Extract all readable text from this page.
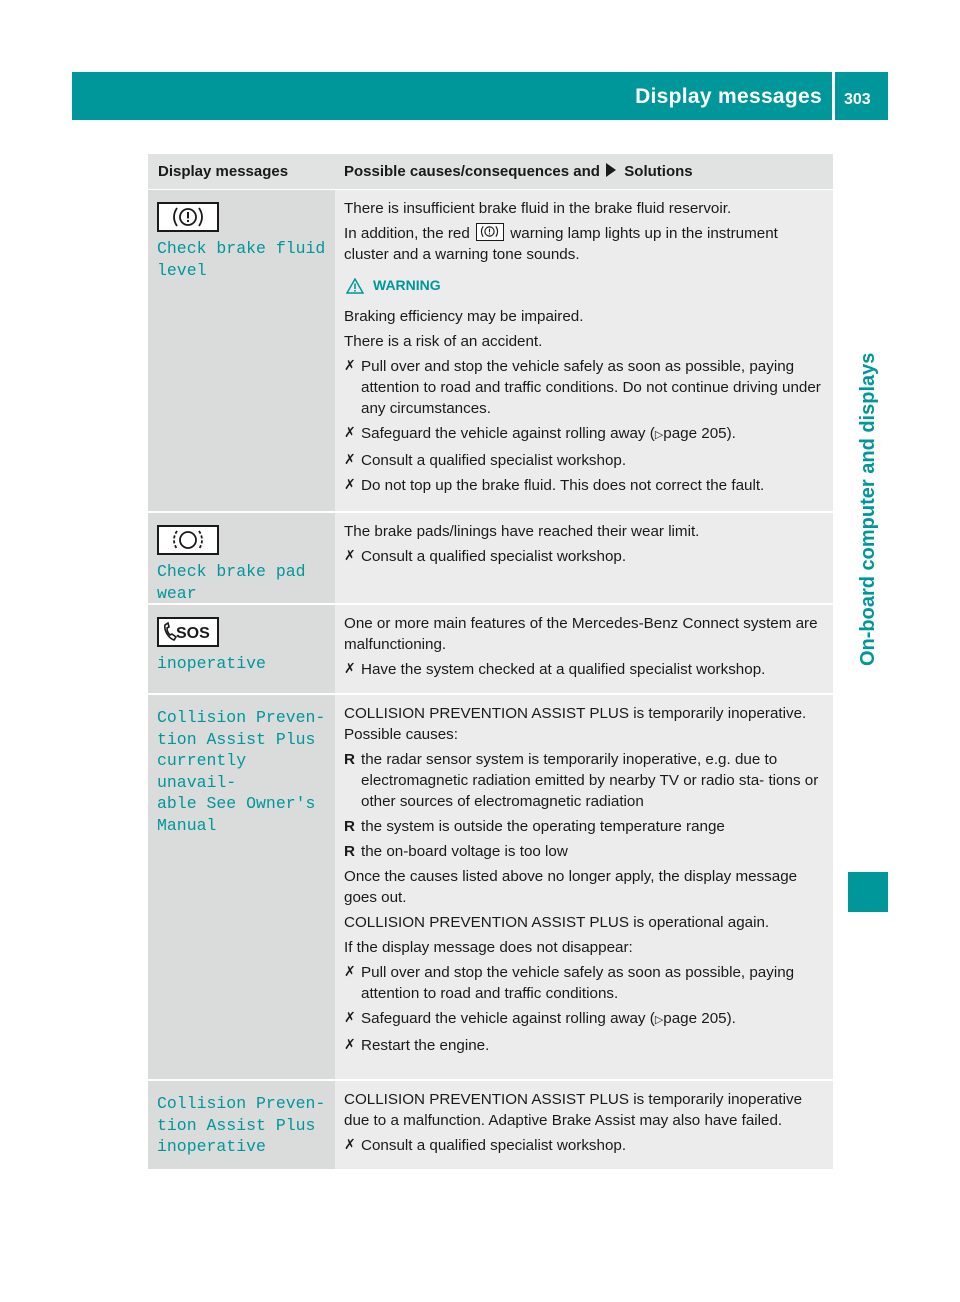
Display messages 303
On-board computer and displays
Display messages	Possible causes/consequences and Solutions
Check brake fluid
level

There is insufficient brake fluid in the brake fluid reservoir.

In addition, the red	warning lamp lights up in the instrument cluster and a warning tone sounds.

WARNING

Braking efficiency may be impaired.

There is a risk of an accident.

✗ Pull over and stop the vehicle safely as soon as possible, paying attention to road and traffic conditions. Do not continue driving under any circumstances.
✗ Safeguard the vehicle against rolling away (▷page 205).
✗ Consult a qualified specialist workshop.
✗ Do not top up the brake fluid. This does not correct the fault.
Check brake pad
wear

The brake pads/linings have reached their wear limit.

✗ Consult a qualified specialist workshop.
SOS
inoperative

One or more main features of the Mercedes-Benz Connect system are malfunctioning.

✗ Have the system checked at a qualified specialist workshop.
Collision Preven‐
tion Assist Plus
currently unavail‐
able See Owner's
Manual

COLLISION PREVENTION ASSIST PLUS is temporarily inoperative.

Possible causes:

R the radar sensor system is temporarily inoperative, e.g. due to electromagnetic radiation emitted by nearby TV or radio sta- tions or other sources of electromagnetic radiation
R the system is outside the operating temperature range
R the on-board voltage is too low

Once the causes listed above no longer apply, the display message goes out.

COLLISION PREVENTION ASSIST PLUS is operational again.

If the display message does not disappear:

✗ Pull over and stop the vehicle safely as soon as possible, paying attention to road and traffic conditions.
✗ Safeguard the vehicle against rolling away (▷page 205).
✗ Restart the engine.
Collision Preven‐
tion Assist Plus
inoperative

COLLISION PREVENTION ASSIST PLUS is temporarily inoperative due to a malfunction. Adaptive Brake Assist may also have failed.

✗ Consult a qualified specialist workshop.
